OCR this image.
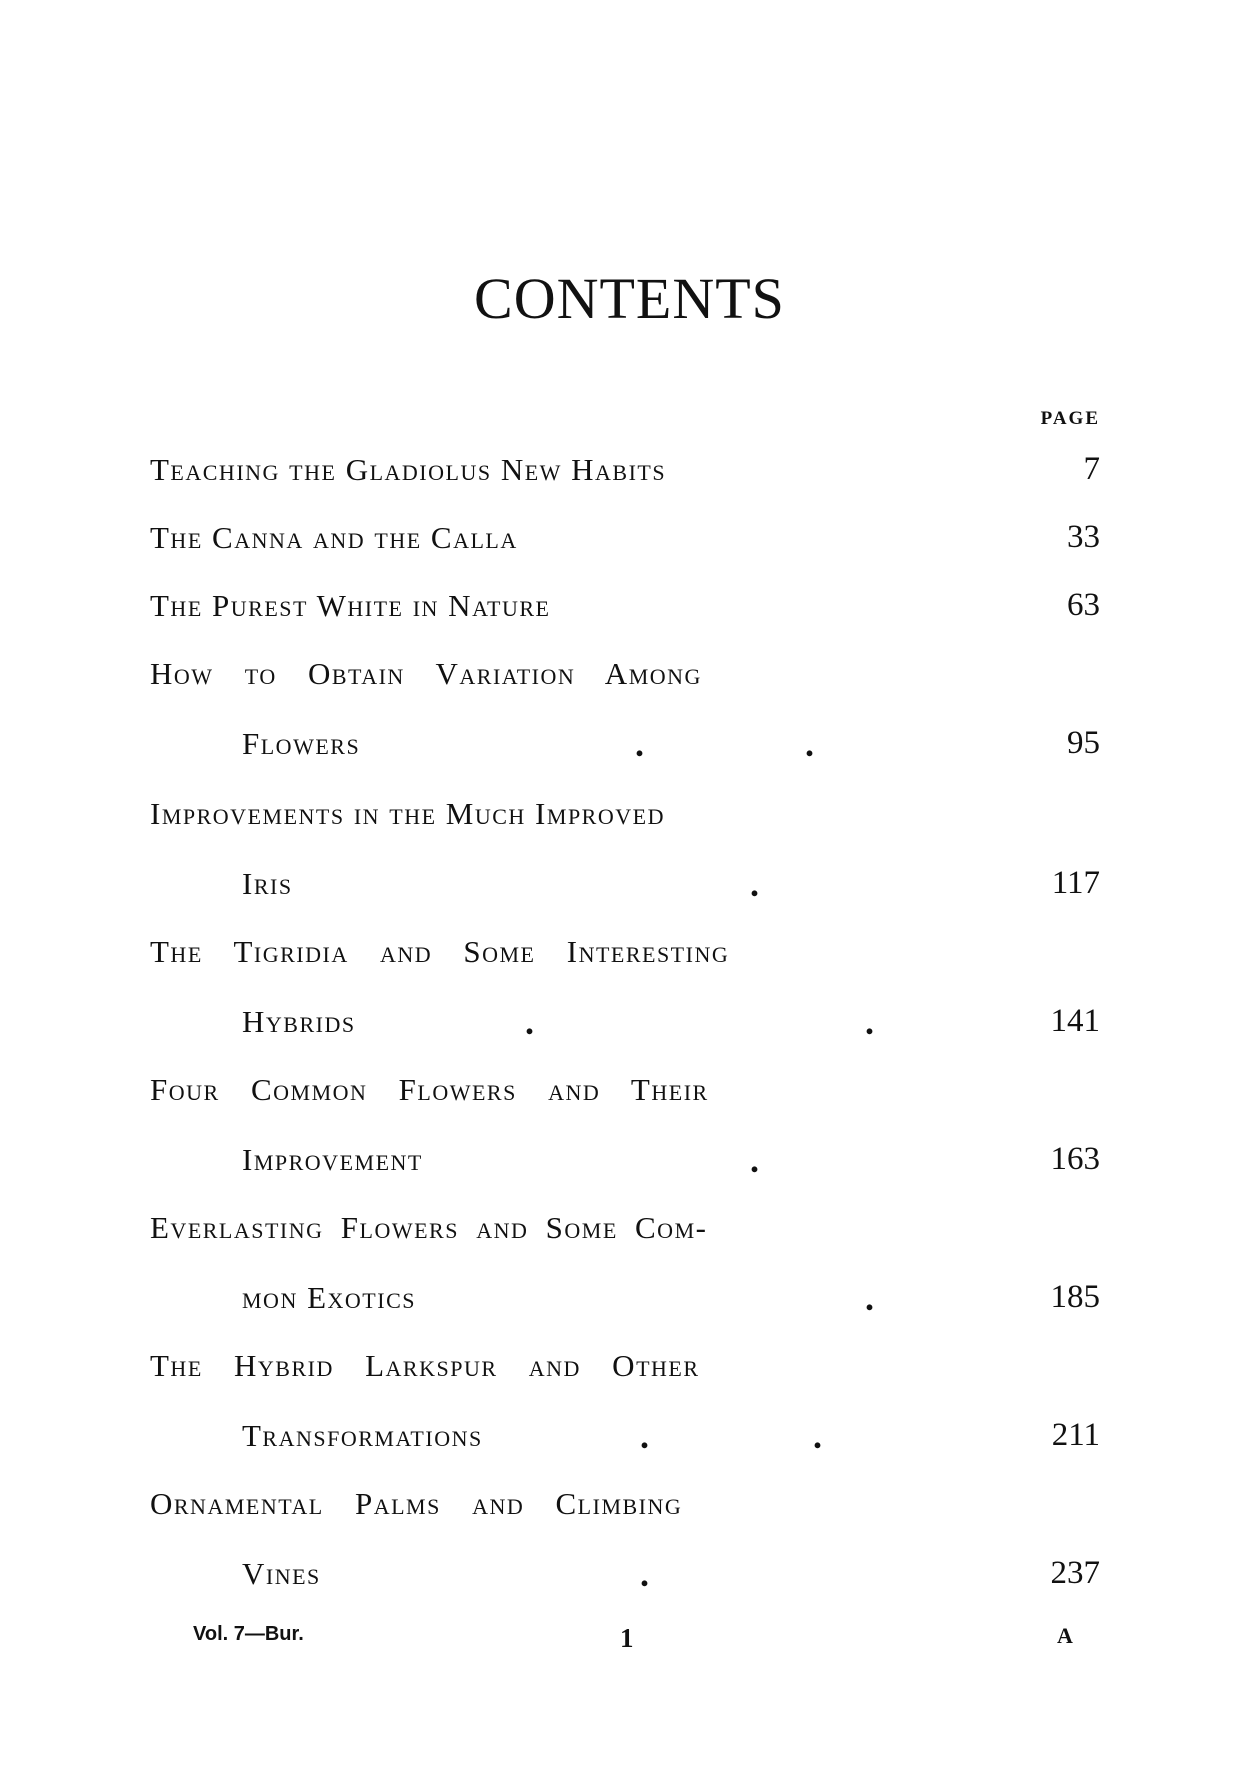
CONTENTS
PAGE
Teaching the Gladiolus New Habits	7
The Canna and the Calla	33
The Purest White in Nature	63
How to Obtain Variation Among
Flowers	.	.	95
Improvements in the Much Improved
Iris	.	117
The Tigridia and Some Interesting
Hybrids	.	.	141
Four Common Flowers and Their
Improvement	.	163
Everlasting Flowers and Some Com-
mon Exotics	.	185
The Hybrid Larkspur and Other
Transformations	.	.	211
Ornamental Palms and Climbing
Vines	.	237
Vol. 7—Bur.	1	A
